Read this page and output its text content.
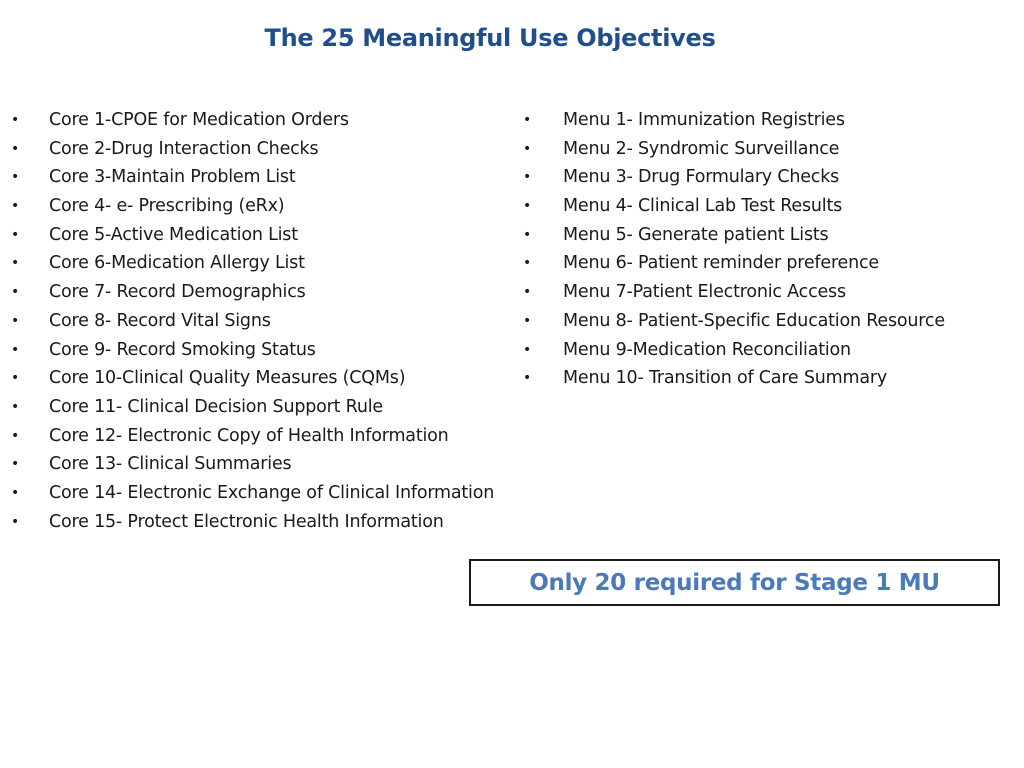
The 25 Meaningful Use Objectives
• Core 1-CPOE for Medication Orders
• Core 2-Drug Interaction Checks
• Core 3-Maintain Problem List
• Core 4- e- Prescribing (eRx)
• Core 5-Active Medication List
• Core 6-Medication Allergy List
• Core 7- Record Demographics
• Core 8- Record Vital Signs
• Core 9- Record Smoking Status
• Core 10-Clinical Quality Measures (CQMs)
• Core 11- Clinical Decision Support Rule
• Core 12- Electronic Copy of Health Information
• Core 13- Clinical Summaries
• Core 14- Electronic Exchange of Clinical Information
• Core 15- Protect Electronic Health Information
• Menu 1- Immunization Registries
• Menu 2- Syndromic Surveillance
• Menu 3- Drug Formulary Checks
• Menu 4- Clinical Lab Test Results
• Menu 5- Generate patient Lists
• Menu 6- Patient reminder preference
• Menu 7-Patient Electronic Access
• Menu 8- Patient-Specific Education Resource
• Menu 9-Medication Reconciliation
• Menu 10- Transition of Care Summary
Only 20 required for Stage 1 MU
